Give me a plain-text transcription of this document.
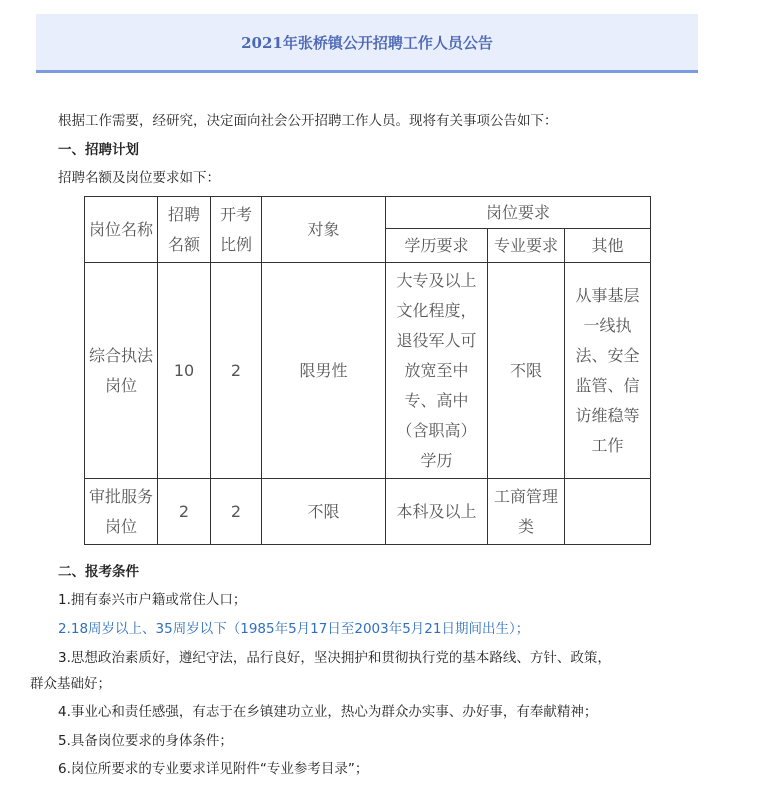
2021年张桥镇公开招聘工作人员公告
根据工作需要，经研究，决定面向社会公开招聘工作人员。现将有关事项公告如下：
一、招聘计划
招聘名额及岗位要求如下：
岗位名称	招聘名额	开考比例	对象	岗位要求		
				学历要求	专业要求	其他
综合执法岗位	10	2	限男性	大专及以上文化程度，退役军人可放宽至中专、高中（含职高）学历	不限	从事基层一线执法、安全监管、信访维稳等工作
审批服务岗位	2	2	不限	本科及以上	工商管理类	
二、报考条件
1.拥有泰兴市户籍或常住人口；
2.18周岁以上、35周岁以下（1985年5月17日至2003年5月21日期间出生）；
3.思想政治素质好，遵纪守法，品行良好，坚决拥护和贯彻执行党的基本路线、方针、政策，
群众基础好；
4.事业心和责任感强，有志于在乡镇建功立业，热心为群众办实事、办好事，有奉献精神；
5.具备岗位要求的身体条件；
6.岗位所要求的专业要求详见附件“专业参考目录”；
